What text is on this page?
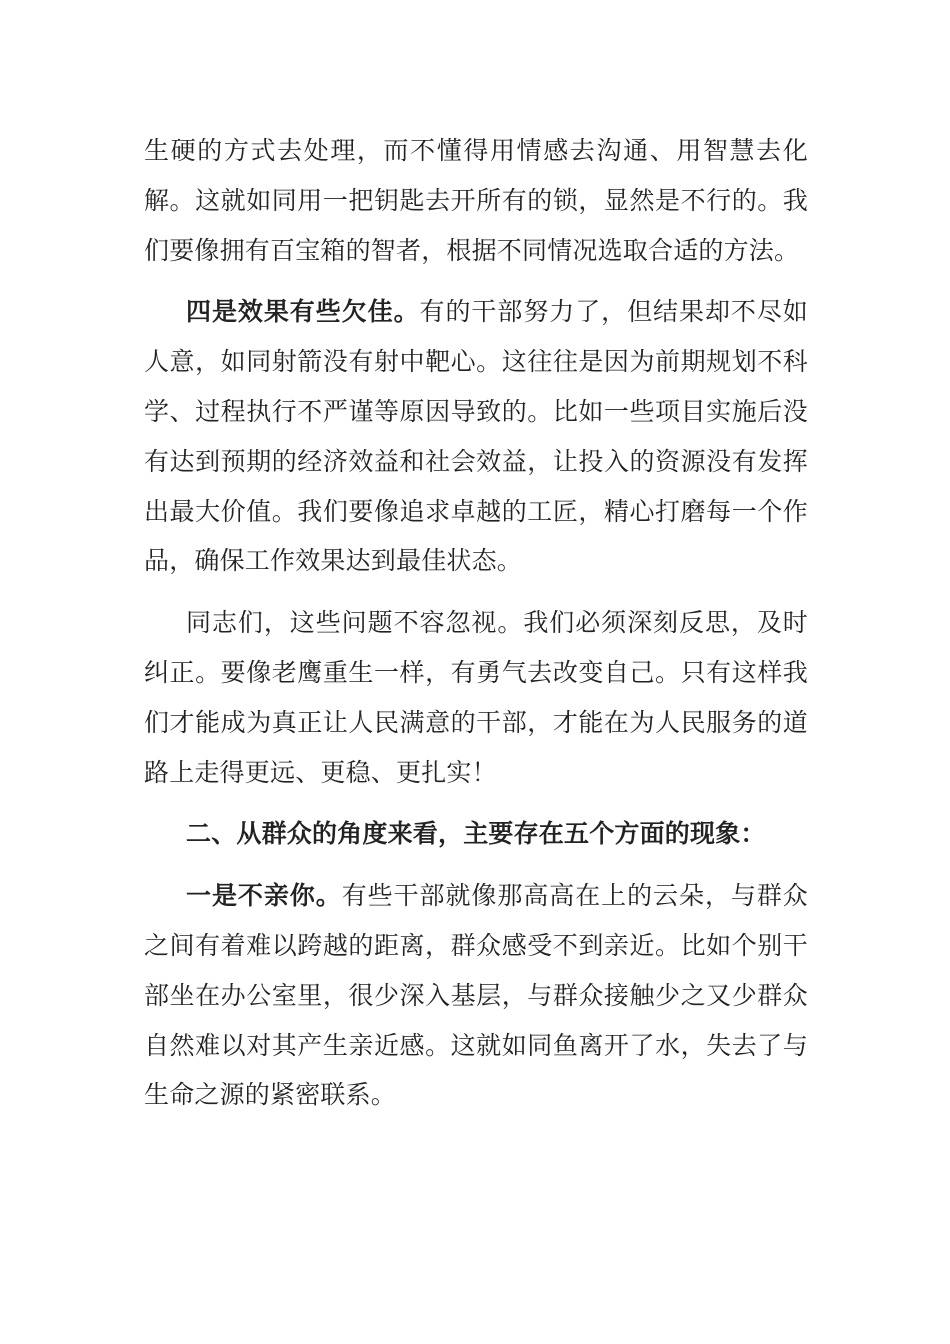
生硬的方式去处理，而不懂得用情感去沟通、用智慧去化解。这就如同用一把钥匙去开所有的锁，显然是不行的。我们要像拥有百宝箱的智者，根据不同情况选取合适的方法。

四是效果有些欠佳。有的干部努力了，但结果却不尽如人意，如同射箭没有射中靶心。这往往是因为前期规划不科学、过程执行不严谨等原因导致的。比如一些项目实施后没有达到预期的经济效益和社会效益，让投入的资源没有发挥出最大价值。我们要像追求卓越的工匠，精心打磨每一个作品，确保工作效果达到最佳状态。

同志们，这些问题不容忽视。我们必须深刻反思，及时纠正。要像老鹰重生一样，有勇气去改变自己。只有这样我们才能成为真正让人民满意的干部，才能在为人民服务的道路上走得更远、更稳、更扎实！

二、从群众的角度来看，主要存在五个方面的现象：

一是不亲你。有些干部就像那高高在上的云朵，与群众之间有着难以跨越的距离，群众感受不到亲近。比如个别干部坐在办公室里，很少深入基层，与群众接触少之又少群众自然难以对其产生亲近感。这就如同鱼离开了水，失去了与生命之源的紧密联系。
